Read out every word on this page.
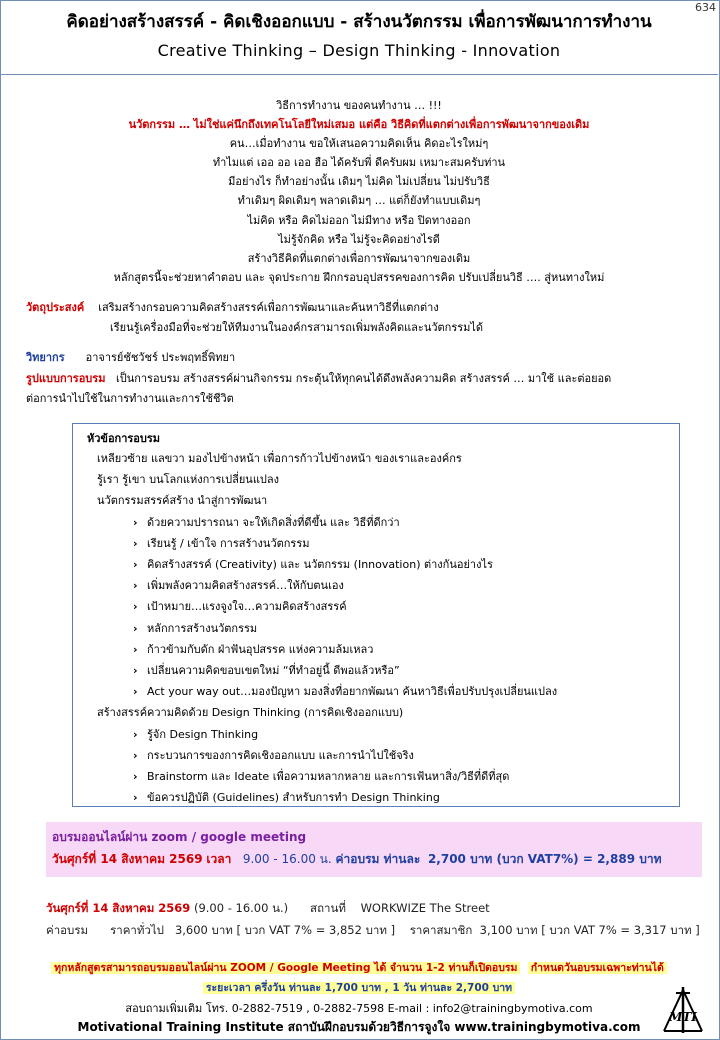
634
คิดอย่างสร้างสรรค์ - คิดเชิงออกแบบ - สร้างนวัตกรรม เพื่อการพัฒนาการทำงาน
Creative Thinking – Design Thinking - Innovation
วิธีการทำงาน ของคนทำงาน … !!!
นวัตกรรม … ไม่ใช่แค่นึกถึงเทคโนโลยีใหม่เสมอ แต่คือ วิธีคิดที่แตกต่างเพื่อการพัฒนาจากของเดิม
คน…เมื่อทำงาน ขอให้เสนอความคิดเห็น คิดอะไรใหม่ๆ
ทำไมแต่ เออ ออ เออ ฮือ ได้ครับพี่ ดีครับผม เหมาะสมครับท่าน
มีอย่างไร ก็ทำอย่างนั้น เดิมๆ ไม่คิด ไม่เปลี่ยน ไม่ปรับวิธี
ทำเดิมๆ ผิดเดิมๆ พลาดเดิมๆ … แต่ก็ยังทำแบบเดิมๆ
ไม่คิด หรือ คิดไม่ออก ไม่มีทาง หรือ ปิดทางออก
ไม่รู้จักคิด หรือ ไม่รู้จะคิดอย่างไรดี
สร้างวิธีคิดที่แตกต่างเพื่อการพัฒนาจากของเดิม
หลักสูตรนี้จะช่วยหาคำตอบ และ จุดประกาย ฝึกกรอบอุปสรรคของการคิด ปรับเปลี่ยนวิธี …. สู่หนทางใหม่
วัตถุประสงค์ เสริมสร้างกรอบความคิดสร้างสรรค์เพื่อการพัฒนาและค้นหาวิธีที่แตกต่าง
เรียนรู้เครื่องมือที่จะช่วยให้ทีมงานในองค์กรสามารถเพิ่มพลังคิดและนวัตกรรมได้
วิทยากร อาจารย์ชัชวัชร์ ประพฤทธิ์พิทยา
รูปแบบการอบรม เป็นการอบรม สร้างสรรค์ผ่านกิจกรรม กระตุ้นให้ทุกคนได้ดึงพลังความคิด สร้างสรรค์ … มาใช้ และต่อยอด
ต่อการนำไปใช้ในการทำงานและการใช้ชีวิต
หัวข้อการอบรม
เหลียวซ้าย แลขวา มองไปข้างหน้า เพื่อการก้าวไปข้างหน้า ของเราและองค์กร
รู้เรา รู้เขา บนโลกแห่งการเปลี่ยนแปลง
นวัตกรรมสรรค์สร้าง นำสู่การพัฒนา
› ด้วยความปรารถนา จะให้เกิดสิ่งที่ดีขึ้น และ วิธีที่ดีกว่า
› เรียนรู้ / เข้าใจ การสร้างนวัตกรรม
› คิดสร้างสรรค์ (Creativity) และ นวัตกรรม (Innovation) ต่างกันอย่างไร
› เพิ่มพลังความคิดสร้างสรรค์…ให้กับตนเอง
› เป้าหมาย…แรงจูงใจ…ความคิดสร้างสรรค์
› หลักการสร้างนวัตกรรม
› ก้าวข้ามกับดัก ฝ่าฟันอุปสรรค แห่งความล้มเหลว
› เปลี่ยนความคิดขอบเขตใหม่ “ที่ทำอยู่นี้ ดีพอแล้วหรือ”
› Act your way out…มองปัญหา มองสิ่งที่อยากพัฒนา ค้นหาวิธีเพื่อปรับปรุงเปลี่ยนแปลง
สร้างสรรค์ความคิดด้วย Design Thinking (การคิดเชิงออกแบบ)
› รู้จัก Design Thinking
› กระบวนการของการคิดเชิงออกแบบ และการนำไปใช้จริง
› Brainstorm และ Ideate เพื่อความหลากหลาย และการเฟ้นหาสิ่ง/วิธีที่ดีที่สุด
› ข้อควรปฏิบัติ (Guidelines) สำหรับการทำ Design Thinking
อบรมออนไลน์ผ่าน zoom / google meeting
วันศุกร์ที่ 14 สิงหาคม 2569 เวลา 9.00 - 16.00 น. ค่าอบรม ท่านละ 2,700 บาท (บวก VAT7%) = 2,889 บาท
วันศุกร์ที่ 14 สิงหาคม 2569 (9.00 - 16.00 น.) สถานที่ WORKWIZE The Street
ค่าอบรม ราคาทั่วไป 3,600 บาท [ บวก VAT 7% = 3,852 บาท ] ราคาสมาชิก 3,100 บาท [ บวก VAT 7% = 3,317 บาท ]
ทุกหลักสูตรสามารถอบรมออนไลน์ผ่าน ZOOM / Google Meeting ได้ จำนวน 1-2 ท่านก็เปิดอบรม กำหนดวันอบรมเฉพาะท่านได้
ระยะเวลา ครึ่งวัน ท่านละ 1,700 บาท , 1 วัน ท่านละ 2,700 บาท
สอบถามเพิ่มเติม โทร. 0-2882-7519 , 0-2882-7598 E-mail : info2@trainingbymotiva.com
Motivational Training Institute สถาบันฝึกอบรมด้วยวิธีการจูงใจ www.trainingbymotiva.com
MTI
